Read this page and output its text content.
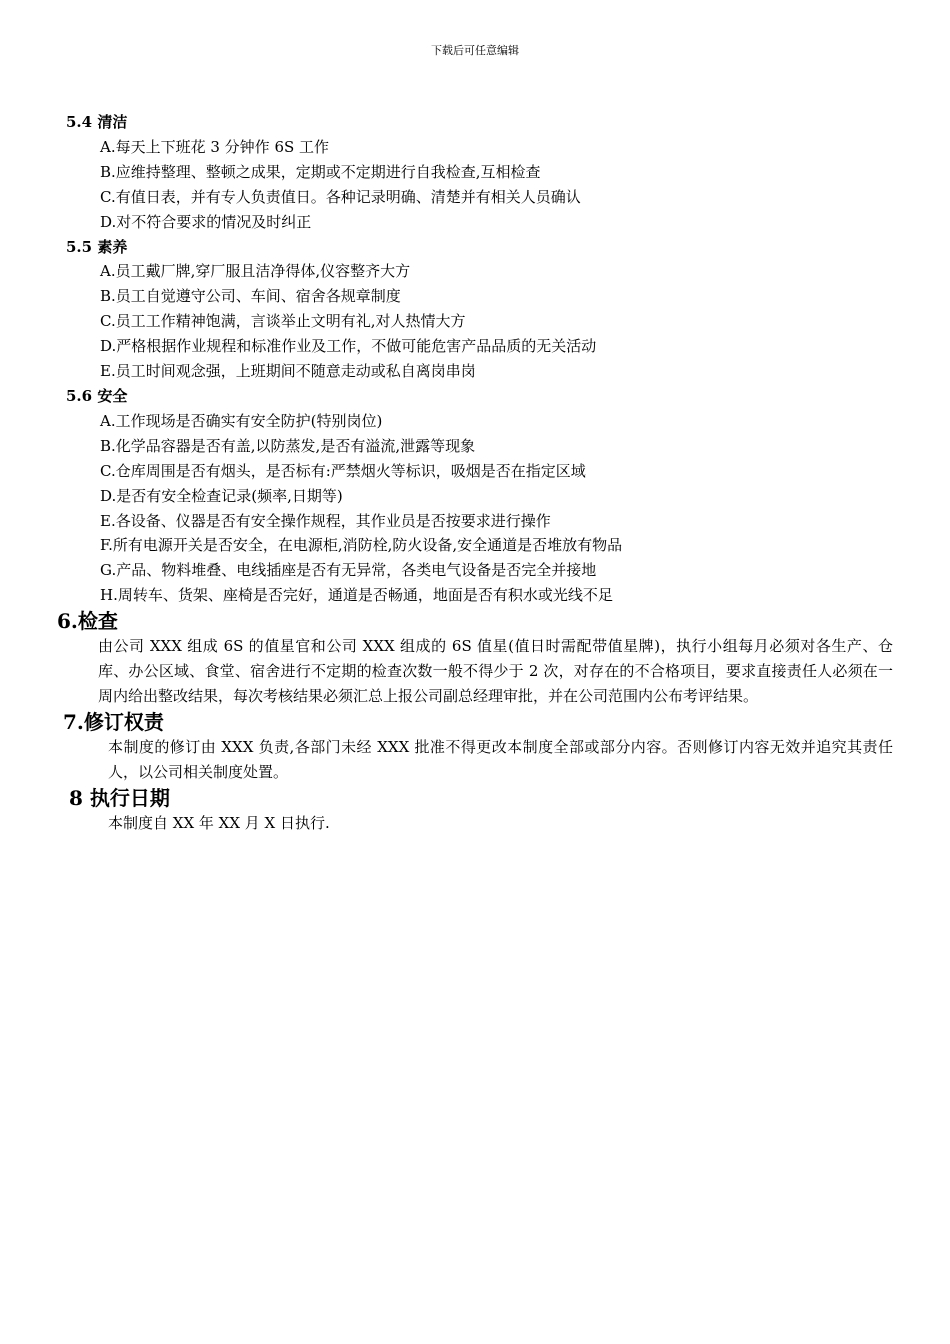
下载后可任意编辑
5.4 清洁
A.每天上下班花 3 分钟作 6S 工作
B.应维持整理、整顿之成果，定期或不定期进行自我检查,互相检查
C.有值日表，并有专人负责值日。各种记录明确、清楚并有相关人员确认
D.对不符合要求的情况及时纠正
5.5 素养
A.员工戴厂牌,穿厂服且洁净得体,仪容整齐大方
B.员工自觉遵守公司、车间、宿舍各规章制度
C.员工工作精神饱满，言谈举止文明有礼,对人热情大方
D.严格根据作业规程和标准作业及工作，不做可能危害产品品质的无关活动
E.员工时间观念强，上班期间不随意走动或私自离岗串岗
5.6 安全
A.工作现场是否确实有安全防护(特别岗位)
B.化学品容器是否有盖,以防蒸发,是否有溢流,泄露等现象
C.仓库周围是否有烟头，是否标有:严禁烟火等标识，吸烟是否在指定区域
D.是否有安全检查记录(频率,日期等)
E.各设备、仪器是否有安全操作规程，其作业员是否按要求进行操作
F.所有电源开关是否安全，在电源柜,消防栓,防火设备,安全通道是否堆放有物品
G.产品、物料堆叠、电线插座是否有无异常，各类电气设备是否完全并接地
H.周转车、货架、座椅是否完好，通道是否畅通，地面是否有积水或光线不足
6.检查
由公司 XXX 组成 6S 的值星官和公司 XXX 组成的 6S 值星(值日时需配带值星牌)，执行小组每月必须对各生产、仓库、办公区域、食堂、宿舍进行不定期的检查次数一般不得少于 2 次，对存在的不合格项目，要求直接责任人必须在一周内给出整改结果，每次考核结果必须汇总上报公司副总经理审批，并在公司范围内公布考评结果。
7.修订权责
本制度的修订由 XXX 负责,各部门未经 XXX 批准不得更改本制度全部或部分内容。否则修订内容无效并追究其责任人，以公司相关制度处置。
8 执行日期
本制度自 XX 年 XX 月 X 日执行.
